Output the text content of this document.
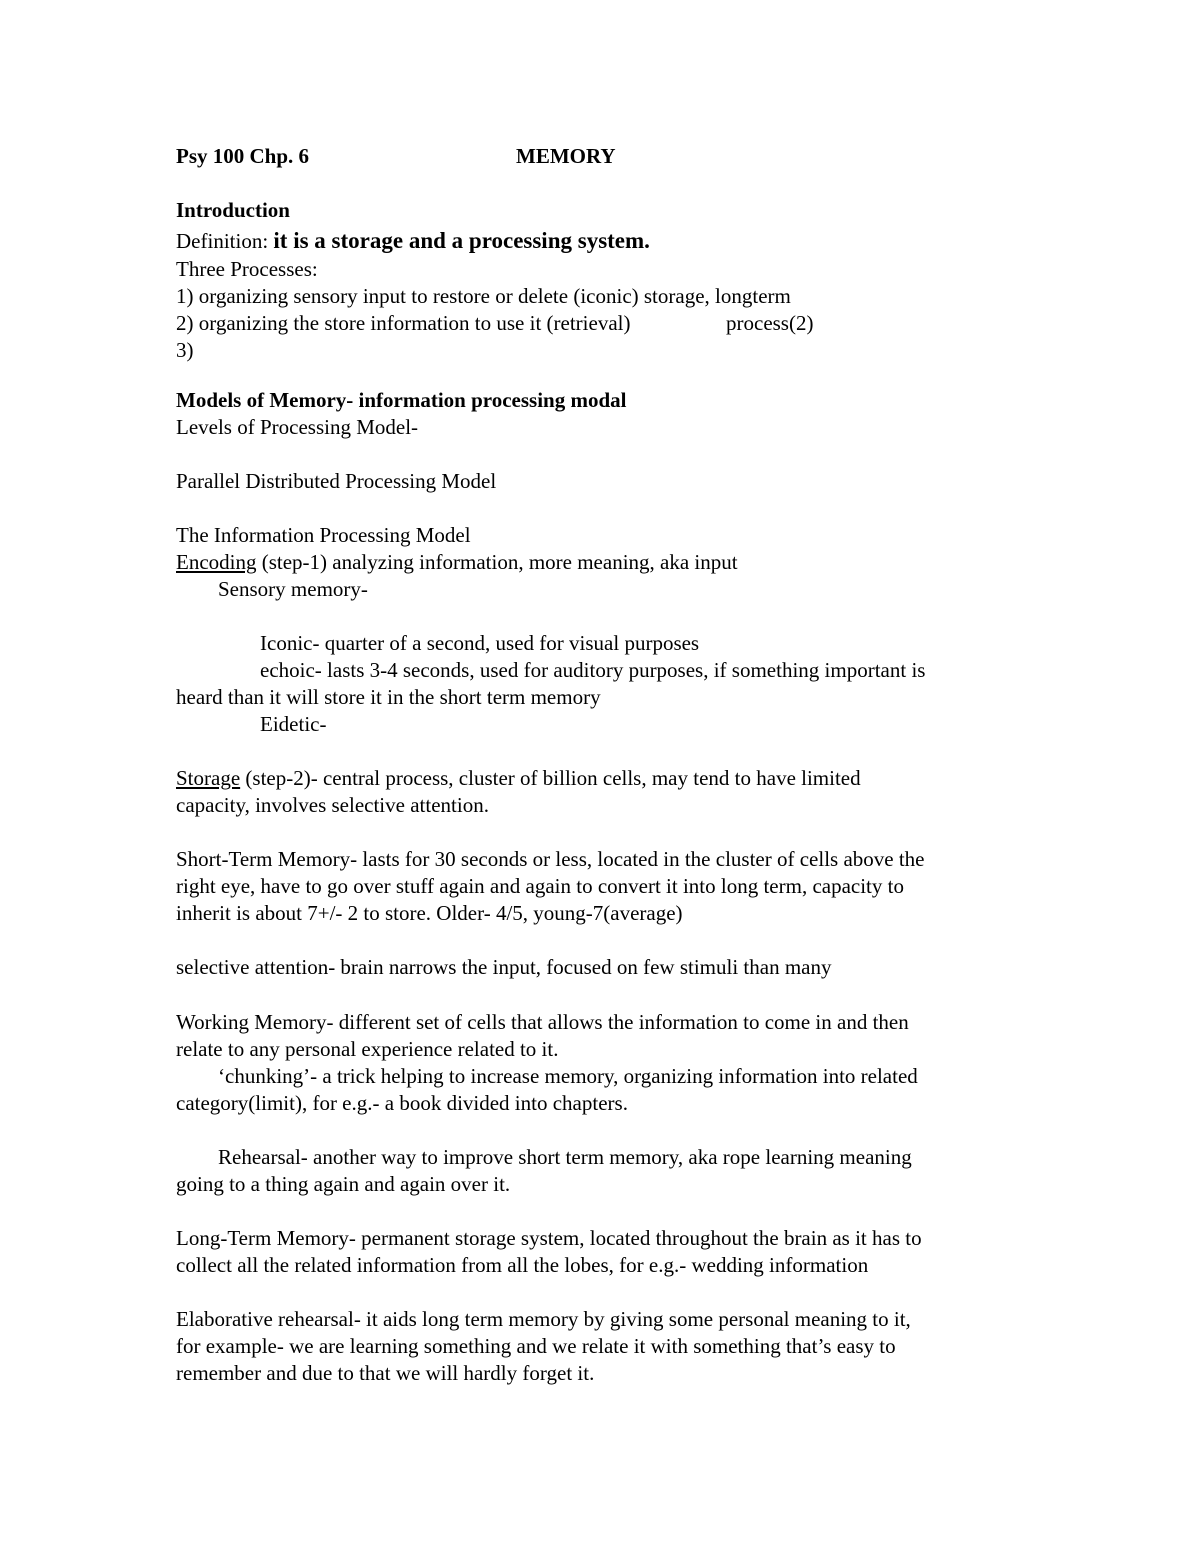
Psy 100 Chp. 6	MEMORY
Introduction
Definition: it is a storage and a processing system.
Three Processes:
1) organizing sensory input to restore or delete (iconic) storage, longterm
2) organizing the store information to use it (retrieval)	process(2)
3)
Models of Memory- information processing modal
Levels of Processing Model-
Parallel Distributed Processing Model
The Information Processing Model
Encoding (step-1) analyzing information, more meaning, aka input
Sensory memory-
Iconic- quarter of a second, used for visual purposes
echoic- lasts 3-4 seconds, used for auditory purposes, if something important is
heard than it will store it in the short term memory
Eidetic-
Storage (step-2)- central process, cluster of billion cells, may tend to have limited
capacity, involves selective attention.
Short-Term Memory- lasts for 30 seconds or less, located in the cluster of cells above the
right eye, have to go over stuff again and again to convert it into long term, capacity to
inherit is about 7+/- 2 to store. Older- 4/5, young-7(average)
selective attention- brain narrows the input, focused on few stimuli than many
Working Memory- different set of cells that allows the information to come in and then
relate to any personal experience related to it.
‘chunking’- a trick helping to increase memory, organizing information into related
category(limit), for e.g.- a book divided into chapters.
Rehearsal- another way to improve short term memory, aka rope learning meaning
going to a thing again and again over it.
Long-Term Memory- permanent storage system, located throughout the brain as it has to
collect all the related information from all the lobes, for e.g.- wedding information
Elaborative rehearsal- it aids long term memory by giving some personal meaning to it,
for example- we are learning something and we relate it with something that’s easy to
remember and due to that we will hardly forget it.
